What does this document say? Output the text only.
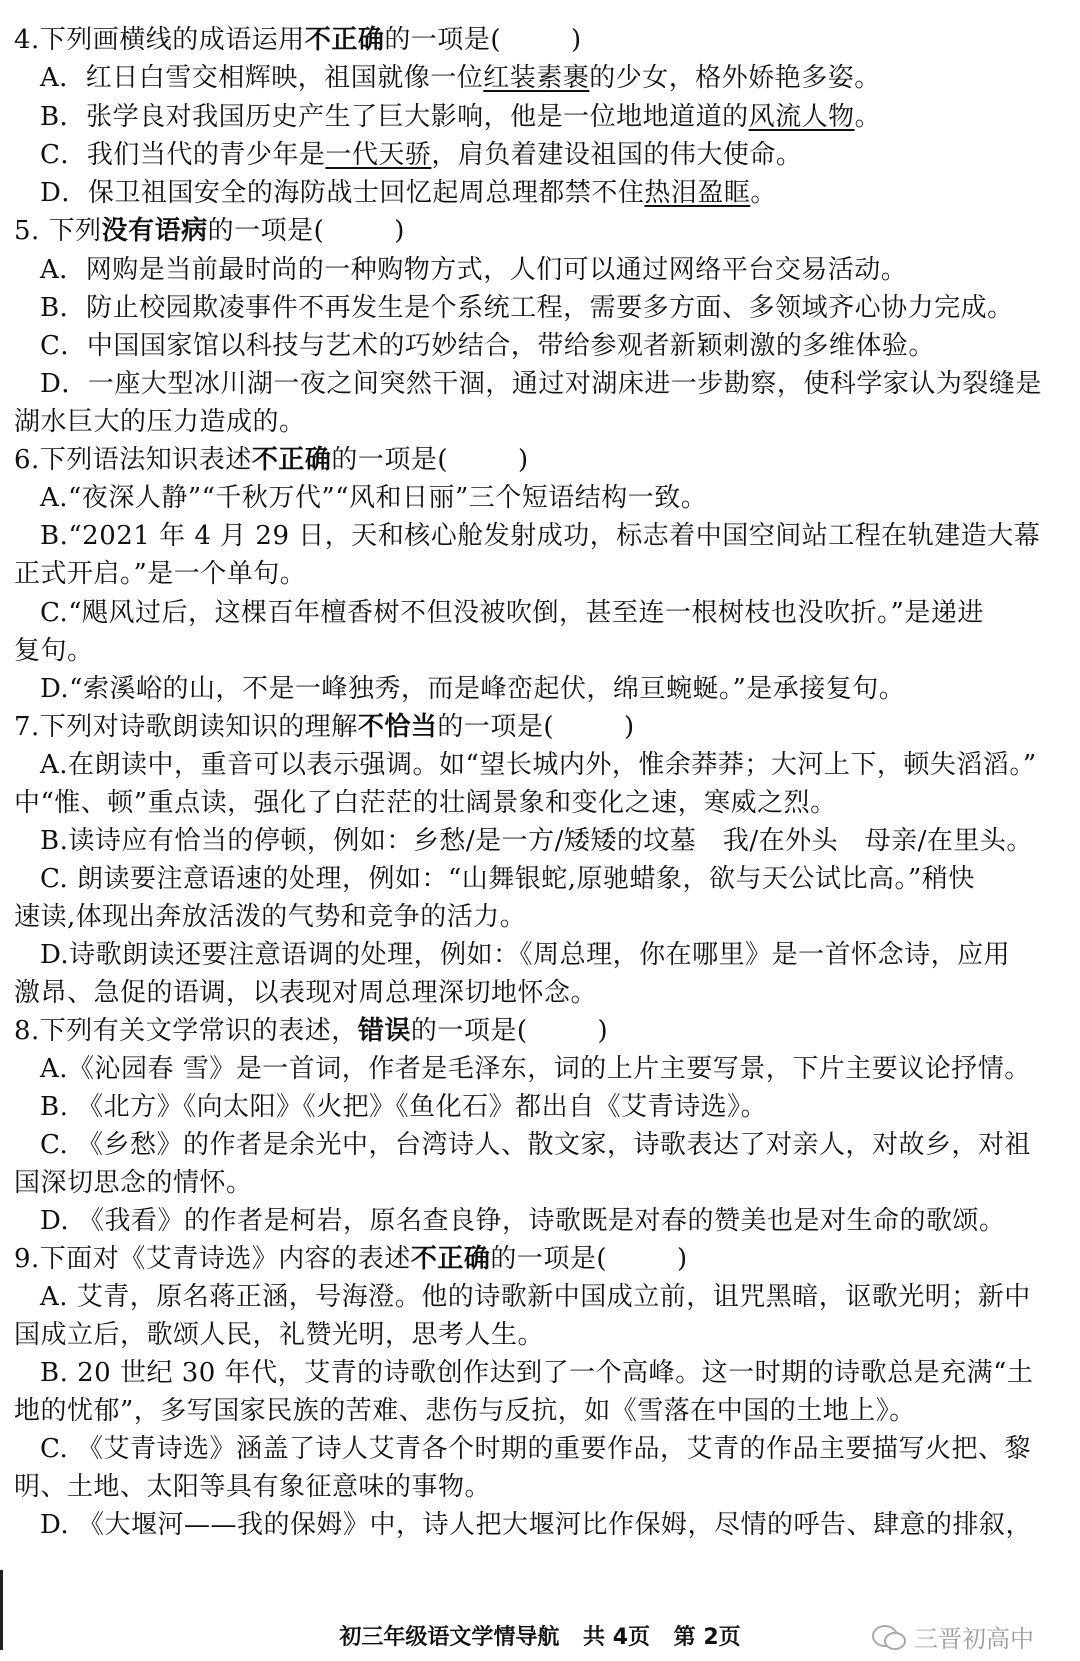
4.下列画横线的成语运用不正确的一项是(	)
A．红日白雪交相辉映，祖国就像一位红装素裹的少女，格外娇艳多姿。
B．张学良对我国历史产生了巨大影响，他是一位地地道道的风流人物。
C．我们当代的青少年是一代天骄，肩负着建设祖国的伟大使命。
D．保卫祖国安全的海防战士回忆起周总理都禁不住热泪盈眶。
5. 下列没有语病的一项是(	)
A．网购是当前最时尚的一种购物方式，人们可以通过网络平台交易活动。
B．防止校园欺凌事件不再发生是个系统工程，需要多方面、多领域齐心协力完成。
C．中国国家馆以科技与艺术的巧妙结合，带给参观者新颖刺激的多维体验。
D．一座大型冰川湖一夜之间突然干涸，通过对湖床进一步勘察，使科学家认为裂缝是
湖水巨大的压力造成的。
6.下列语法知识表述不正确的一项是(	)
A.“夜深人静”“千秋万代”“风和日丽”三个短语结构一致。
B.“2021 年 4 月 29 日，天和核心舱发射成功，标志着中国空间站工程在轨建造大幕
正式开启。”是一个单句。
C.“飓风过后，这棵百年檀香树不但没被吹倒，甚至连一根树枝也没吹折。”是递进
复句。
D.“索溪峪的山，不是一峰独秀，而是峰峦起伏，绵亘蜿蜒。”是承接复句。
7.下列对诗歌朗读知识的理解不恰当的一项是(	)
A.在朗读中，重音可以表示强调。如“望长城内外，惟余莽莽；大河上下，顿失滔滔。”
中“惟、顿”重点读，强化了白茫茫的壮阔景象和变化之速，寒威之烈。
B.读诗应有恰当的停顿，例如：乡愁/是一方/矮矮的坟墓　我/在外头　母亲/在里头。
C. 朗读要注意语速的处理，例如：“山舞银蛇,原驰蜡象，欲与天公试比高。”稍快
速读,体现出奔放活泼的气势和竞争的活力。
D.诗歌朗读还要注意语调的处理，例如：《周总理，你在哪里》是一首怀念诗，应用
激昂、急促的语调，以表现对周总理深切地怀念。
8.下列有关文学常识的表述，错误的一项是(	)
A.《沁园春 雪》是一首词，作者是毛泽东，词的上片主要写景，下片主要议论抒情。
B. 《北方》《向太阳》《火把》《鱼化石》都出自《艾青诗选》。
C. 《乡愁》的作者是余光中，台湾诗人、散文家，诗歌表达了对亲人，对故乡，对祖
国深切思念的情怀。
D. 《我看》的作者是柯岩，原名查良铮，诗歌既是对春的赞美也是对生命的歌颂。
9.下面对《艾青诗选》内容的表述不正确的一项是(	)
A. 艾青，原名蒋正涵，号海澄。他的诗歌新中国成立前，诅咒黑暗，讴歌光明；新中
国成立后，歌颂人民，礼赞光明，思考人生。
B. 20 世纪 30 年代，艾青的诗歌创作达到了一个高峰。这一时期的诗歌总是充满“土
地的忧郁”，多写国家民族的苦难、悲伤与反抗，如《雪落在中国的土地上》。
C. 《艾青诗选》涵盖了诗人艾青各个时期的重要作品，艾青的作品主要描写火把、黎
明、土地、太阳等具有象征意味的事物。
D. 《大堰河——我的保姆》中，诗人把大堰河比作保姆，尽情的呼告、肆意的排叙，
初三年级语文学情导航 共 4页 第 2页	三晋初高中
